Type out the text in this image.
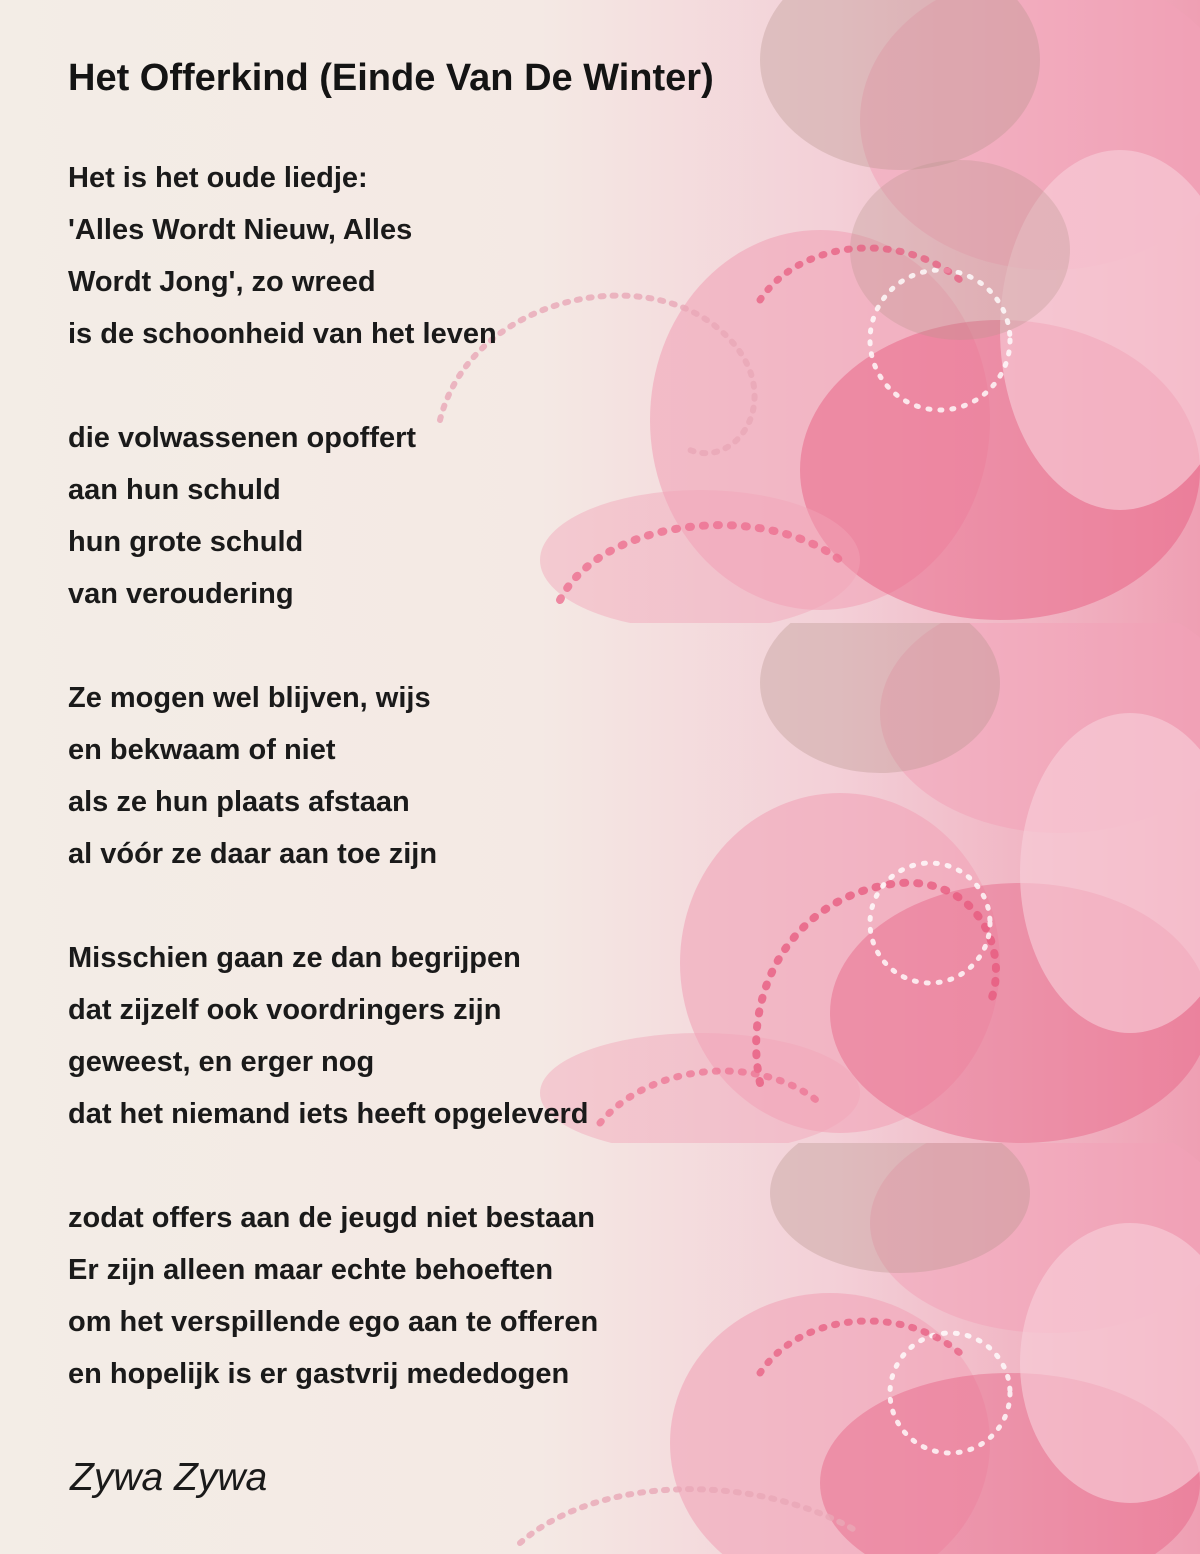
Het Offerkind (Einde Van De Winter)
Het is het oude liedje:
'Alles Wordt Nieuw, Alles
Wordt Jong', zo wreed
is de schoonheid van het leven
die volwassenen opoffert
aan hun schuld
hun grote schuld
van veroudering
Ze mogen wel blijven, wijs
en bekwaam of niet
als ze hun plaats afstaan
al vóór ze daar aan toe zijn
Misschien gaan ze dan begrijpen
dat zijzelf ook voordringers zijn
geweest, en erger nog
dat het niemand iets heeft opgeleverd
zodat offers aan de jeugd niet bestaan
Er zijn alleen maar echte behoeften
om het verspillende ego aan te offeren
en hopelijk is er gastvrij mededogen

Zywa Zywa
